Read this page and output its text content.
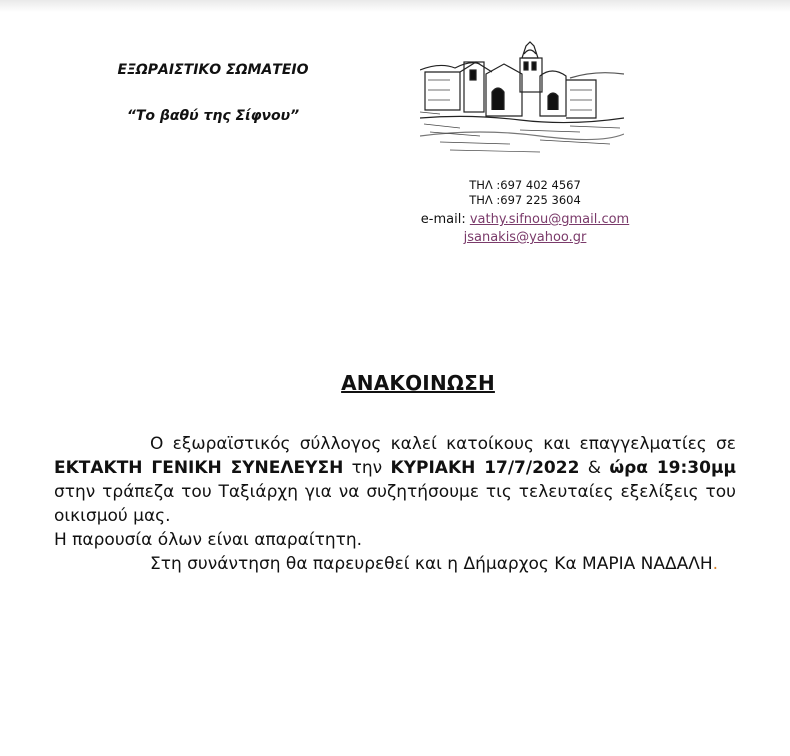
ΕΞΩΡΑΙΣΤΙΚΟ ΣΩΜΑΤΕΙΟ
“Το βαθύ της Σίφνου”
ΤΗΛ :697 402 4567
ΤΗΛ :697 225 3604
e-mail: vathy.sifnou@gmail.com
jsanakis@yahoo.gr
ΑΝΑΚΟΙΝΩΣΗ

Ο εξωραϊστικός σύλλογος καλεί κατοίκους και επαγγελματίες σε ΕΚΤΑΚΤΗ ΓΕΝΙΚΗ ΣΥΝΕΛΕΥΣΗ την ΚΥΡΙΑΚΗ 17/7/2022 & ώρα 19:30μμ στην τράπεζα του Ταξιάρχη για να συζητήσουμε τις τελευταίες εξελίξεις του οικισμού μας.

Η παρουσία όλων είναι απαραίτητη.

Στη συνάντηση θα παρευρεθεί και η Δήμαρχος Κα ΜΑΡΙΑ ΝΑΔΑΛΗ.
